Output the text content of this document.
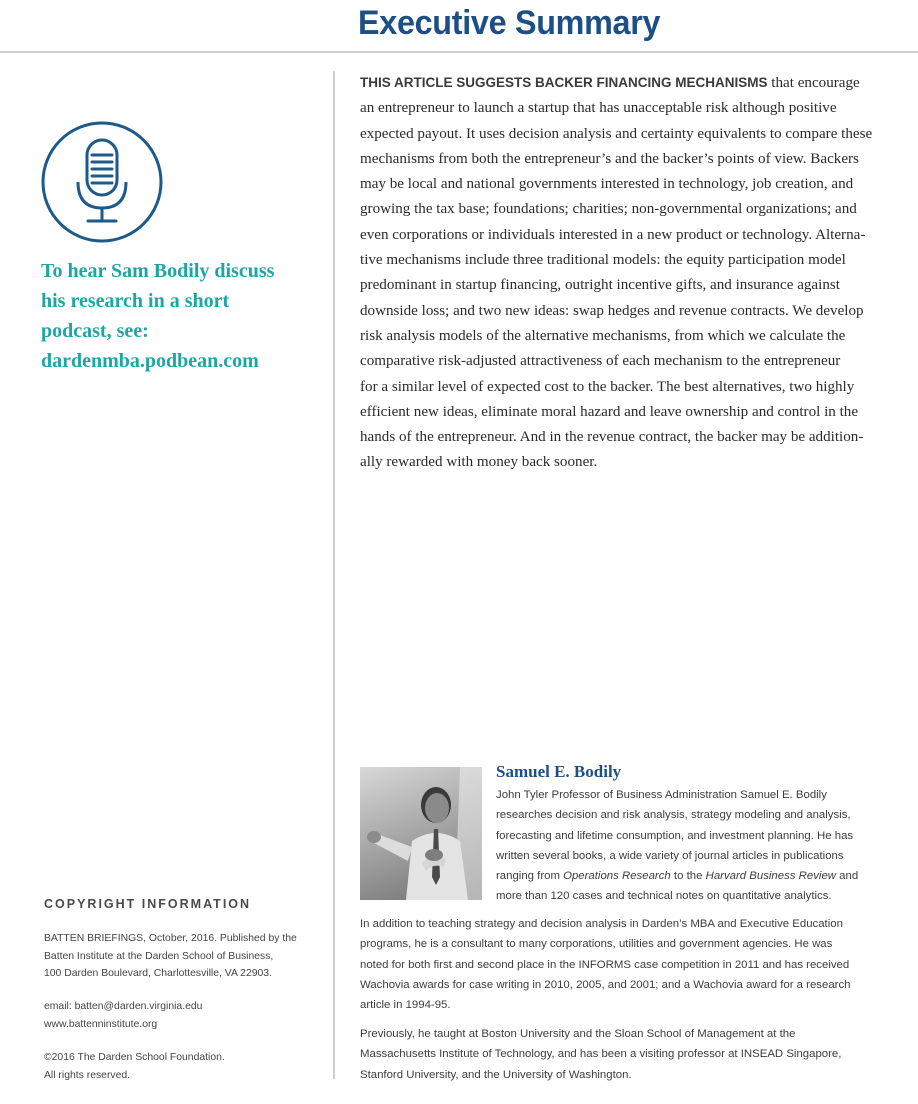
Executive Summary
To hear Sam Bodily discuss
his research in a short
podcast, see:
dardenmba.podbean.com
THIS ARTICLE SUGGESTS BACKER FINANCING MECHANISMS that encourage
an entrepreneur to launch a startup that has unacceptable risk although positive
expected payout. It uses decision analysis and certainty equivalents to compare these
mechanisms from both the entrepreneur’s and the backer’s points of view. Backers
may be local and national governments interested in technology, job creation, and
growing the tax base; foundations; charities; non-governmental organizations; and
even corporations or individuals interested in a new product or technology. Alterna-
tive mechanisms include three traditional models: the equity participation model
predominant in startup financing, outright incentive gifts, and insurance against
downside loss; and two new ideas: swap hedges and revenue contracts. We develop
risk analysis models of the alternative mechanisms, from which we calculate the
comparative risk-adjusted attractiveness of each mechanism to the entrepreneur
for a similar level of expected cost to the backer. The best alternatives, two highly
efficient new ideas, eliminate moral hazard and leave ownership and control in the
hands of the entrepreneur. And in the revenue contract, the backer may be addition-
ally rewarded with money back sooner.
COPYRIGHT INFORMATION
BATTEN BRIEFINGS, October, 2016. Published by the
Batten Institute at the Darden School of Business,
100 Darden Boulevard, Charlottesville, VA 22903.
email: batten@darden.virginia.edu
www.battenninstitute.org
©2016 The Darden School Foundation.
All rights reserved.
Samuel E. Bodily
John Tyler Professor of Business Administration Samuel E. Bodily
researches decision and risk analysis, strategy modeling and analysis,
forecasting and lifetime consumption, and investment planning. He has
written several books, a wide variety of journal articles in publications
ranging from Operations Research to the Harvard Business Review and
more than 120 cases and technical notes on quantitative analytics.
In addition to teaching strategy and decision analysis in Darden’s MBA and Executive Education
programs, he is a consultant to many corporations, utilities and government agencies. He was
noted for both first and second place in the INFORMS case competition in 2011 and has received
Wachovia awards for case writing in 2010, 2005, and 2001; and a Wachovia award for a research
article in 1994-95.
Previously, he taught at Boston University and the Sloan School of Management at the
Massachusetts Institute of Technology, and has been a visiting professor at INSEAD Singapore,
Stanford University, and the University of Washington.
